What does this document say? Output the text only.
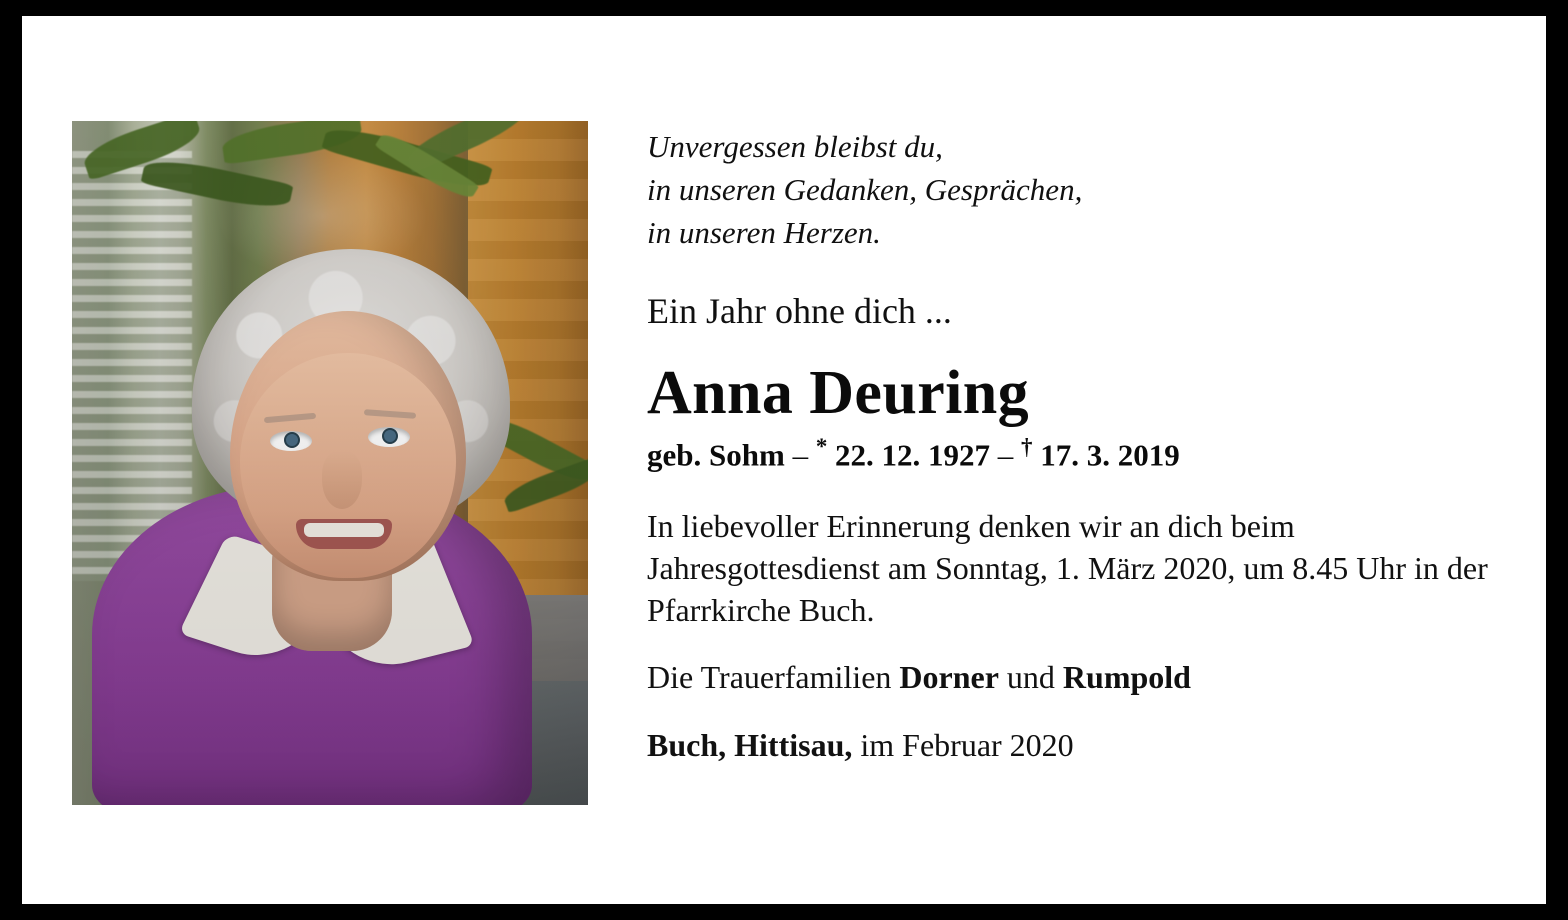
Unvergessen bleibst du,
in unseren Gedanken, Gesprächen,
in unseren Herzen.

Ein Jahr ohne dich ...

Anna Deuring

geb. Sohm – * 22. 12. 1927 – † 17. 3. 2019

In liebevoller Erinnerung denken wir an dich beim Jahresgottesdienst am Sonntag, 1. März 2020, um 8.45 Uhr in der Pfarrkirche Buch.

Die Trauerfamilien Dorner und Rumpold

Buch, Hittisau, im Februar 2020
